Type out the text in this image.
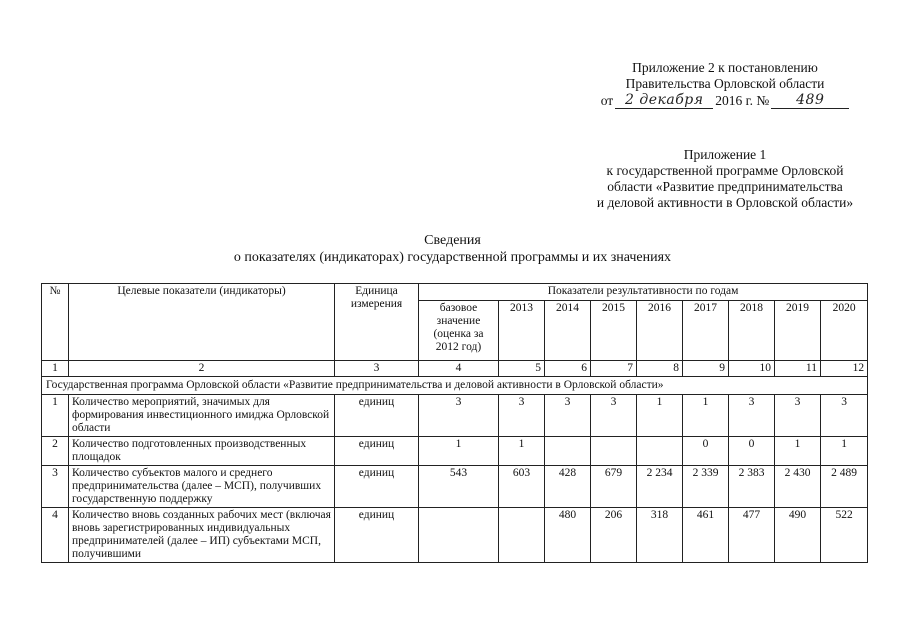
Приложение 2 к постановлению
Правительства Орловской области
от 2 декабря 2016 г. №	489
Приложение 1
к государственной программе Орловской
области «Развитие предпринимательства
и деловой активности в Орловской области»
Сведения
о показателях (индикаторах) государственной программы и их значениях
№	Целевые показатели (индикаторы)	Единица измерения	Показатели результативности по годам								
			базовое значение (оценка за 2012 год)	2013	2014	2015	2016	2017	2018	2019	2020
1	2	3	4	5	6	7	8	9	10	11	12
Государственная программа Орловской области «Развитие предпринимательства и деловой активности в Орловской области»											
1	Количество мероприятий, значимых для формирования инвестиционного имиджа Орловской области	единиц	3	3	3	3	1	1	3	3	3
2	Количество подготовленных производственных площадок	единиц	1	1				0	0	1	1
3	Количество субъектов малого и среднего предпринимательства (далее – МСП), получивших государственную поддержку	единиц	543	603	428	679	2 234	2 339	2 383	2 430	2 489
4	Количество вновь созданных рабочих мест (включая вновь зарегистрированных индивидуальных предпринимателей (далее – ИП) субъектами МСП, получившими	единиц			480	206	318	461	477	490	522
